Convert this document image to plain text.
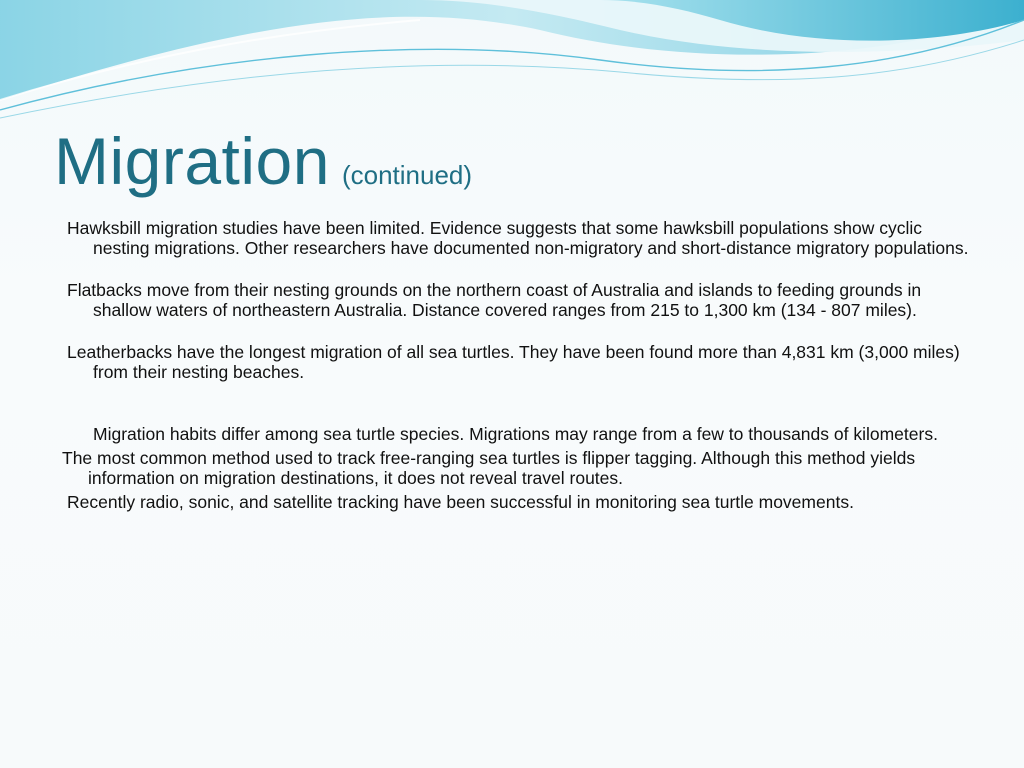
Migration (continued)

Hawksbill migration studies have been limited. Evidence suggests that some hawksbill populations show cyclic nesting migrations. Other researchers have documented non-migratory and short-distance migratory populations.

Flatbacks move from their nesting grounds on the northern coast of Australia and islands to feeding grounds in shallow waters of northeastern Australia. Distance covered ranges from 215 to 1,300 km (134 - 807 miles).

Leatherbacks have the longest migration of all sea turtles. They have been found more than 4,831 km (3,000 miles) from their nesting beaches.

Migration habits differ among sea turtle species. Migrations may range from a few to thousands of kilometers.

The most common method used to track free-ranging sea turtles is flipper tagging. Although this method yields information on migration destinations, it does not reveal travel routes.

Recently radio, sonic, and satellite tracking have been successful in monitoring sea turtle movements.
